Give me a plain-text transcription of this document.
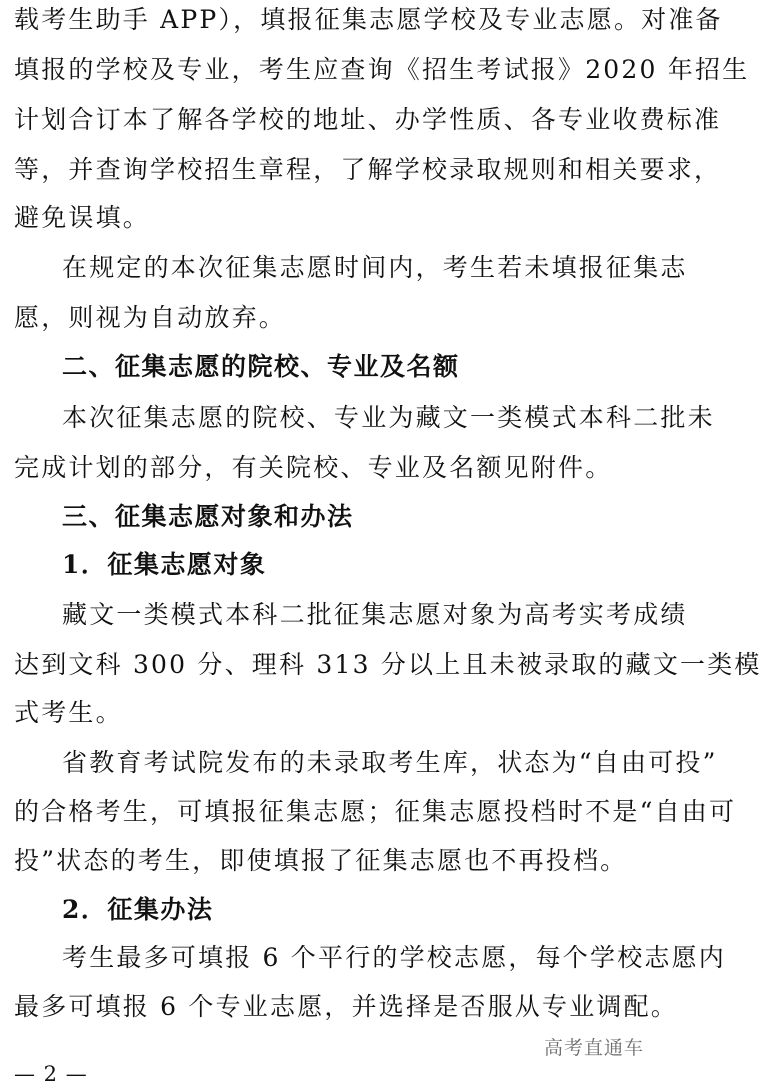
载考生助手 APP），填报征集志愿学校及专业志愿。对准备
填报的学校及专业，考生应查询《招生考试报》2020 年招生
计划合订本了解各学校的地址、办学性质、各专业收费标准
等，并查询学校招生章程，了解学校录取规则和相关要求，
避免误填。
在规定的本次征集志愿时间内，考生若未填报征集志
愿，则视为自动放弃。
二、征集志愿的院校、专业及名额
本次征集志愿的院校、专业为藏文一类模式本科二批未
完成计划的部分，有关院校、专业及名额见附件。
三、征集志愿对象和办法
1．征集志愿对象
藏文一类模式本科二批征集志愿对象为高考实考成绩
达到文科 300 分、理科 313 分以上且未被录取的藏文一类模
式考生。
省教育考试院发布的未录取考生库，状态为“自由可投”
的合格考生，可填报征集志愿；征集志愿投档时不是“自由可
投”状态的考生，即使填报了征集志愿也不再投档。
2．征集办法
考生最多可填报 6 个平行的学校志愿，每个学校志愿内
最多可填报 6 个专业志愿，并选择是否服从专业调配。
高考直通车
— 2 —
